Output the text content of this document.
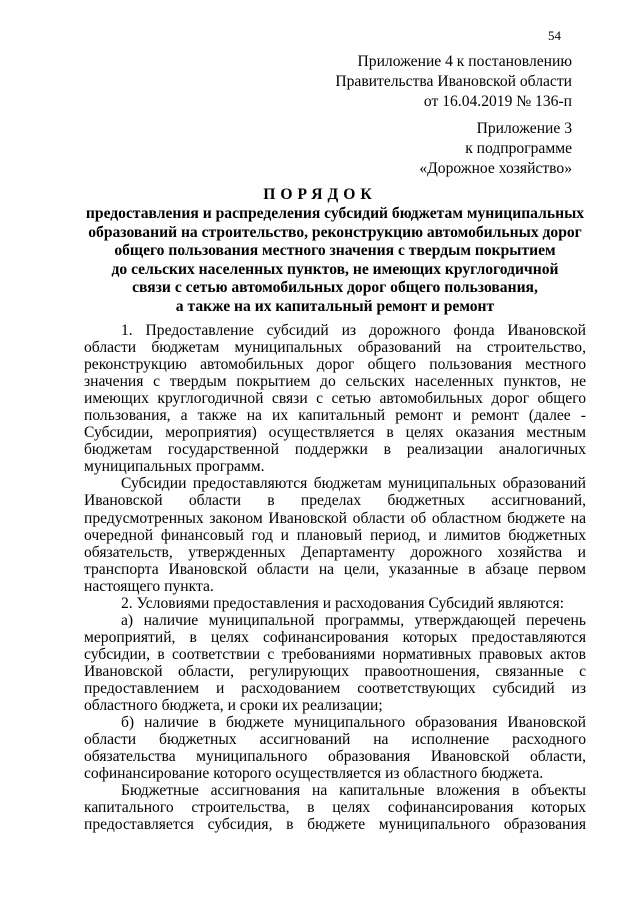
54
Приложение 4 к постановлению
Правительства Ивановской области
от 16.04.2019 № 136-п
Приложение 3
к подпрограмме
«Дорожное хозяйство»
ПОРЯДОК
предоставления и распределения субсидий бюджетам муниципальных
образований на строительство, реконструкцию автомобильных дорог
общего пользования местного значения с твердым покрытием
до сельских населенных пунктов, не имеющих круглогодичной
связи с сетью автомобильных дорог общего пользования,
а также на их капитальный ремонт и ремонт
1. Предоставление субсидий из дорожного фонда Ивановской
области бюджетам муниципальных образований на строительство,
реконструкцию автомобильных дорог общего пользования местного
значения с твердым покрытием до сельских населенных пунктов, не
имеющих круглогодичной связи с сетью автомобильных дорог общего
пользования, а также на их капитальный ремонт и ремонт (далее -
Субсидии, мероприятия) осуществляется в целях оказания местным
бюджетам государственной поддержки в реализации аналогичных
муниципальных программ.
Субсидии предоставляются бюджетам муниципальных образований
Ивановской области в пределах бюджетных ассигнований,
предусмотренных законом Ивановской области об областном бюджете на
очередной финансовый год и плановый период, и лимитов бюджетных
обязательств, утвержденных Департаменту дорожного хозяйства и
транспорта Ивановской области на цели, указанные в абзаце первом
настоящего пункта.
2. Условиями предоставления и расходования Субсидий являются:
а) наличие муниципальной программы, утверждающей перечень
мероприятий, в целях софинансирования которых предоставляются
субсидии, в соответствии с требованиями нормативных правовых актов
Ивановской области, регулирующих правоотношения, связанные с
предоставлением и расходованием соответствующих субсидий из
областного бюджета, и сроки их реализации;
б) наличие в бюджете муниципального образования Ивановской
области бюджетных ассигнований на исполнение расходного
обязательства муниципального образования Ивановской области,
софинансирование которого осуществляется из областного бюджета.
Бюджетные ассигнования на капитальные вложения в объекты
капитального строительства, в целях софинансирования которых
предоставляется субсидия, в бюджете муниципального образования
